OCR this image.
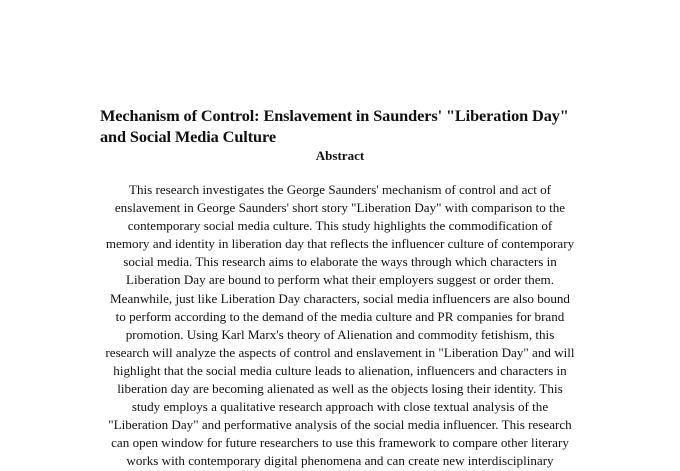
Mechanism of Control: Enslavement in Saunders' "Liberation Day"
and Social Media Culture
Abstract
This research investigates the George Saunders' mechanism of control and act of
enslavement in George Saunders' short story "Liberation Day" with comparison to the
contemporary social media culture. This study highlights the commodification of
memory and identity in liberation day that reflects the influencer culture of contemporary
social media. This research aims to elaborate the ways through which characters in
Liberation Day are bound to perform what their employers suggest or order them.
Meanwhile, just like Liberation Day characters, social media influencers are also bound
to perform according to the demand of the media culture and PR companies for brand
promotion. Using Karl Marx's theory of Alienation and commodity fetishism, this
research will analyze the aspects of control and enslavement in "Liberation Day" and will
highlight that the social media culture leads to alienation, influencers and characters in
liberation day are becoming alienated as well as the objects losing their identity. This
study employs a qualitative research approach with close textual analysis of the
"Liberation Day" and performative analysis of the social media influencer. This research
can open window for future researchers to use this framework to compare other literary
works with contemporary digital phenomena and can create new interdisciplinary
